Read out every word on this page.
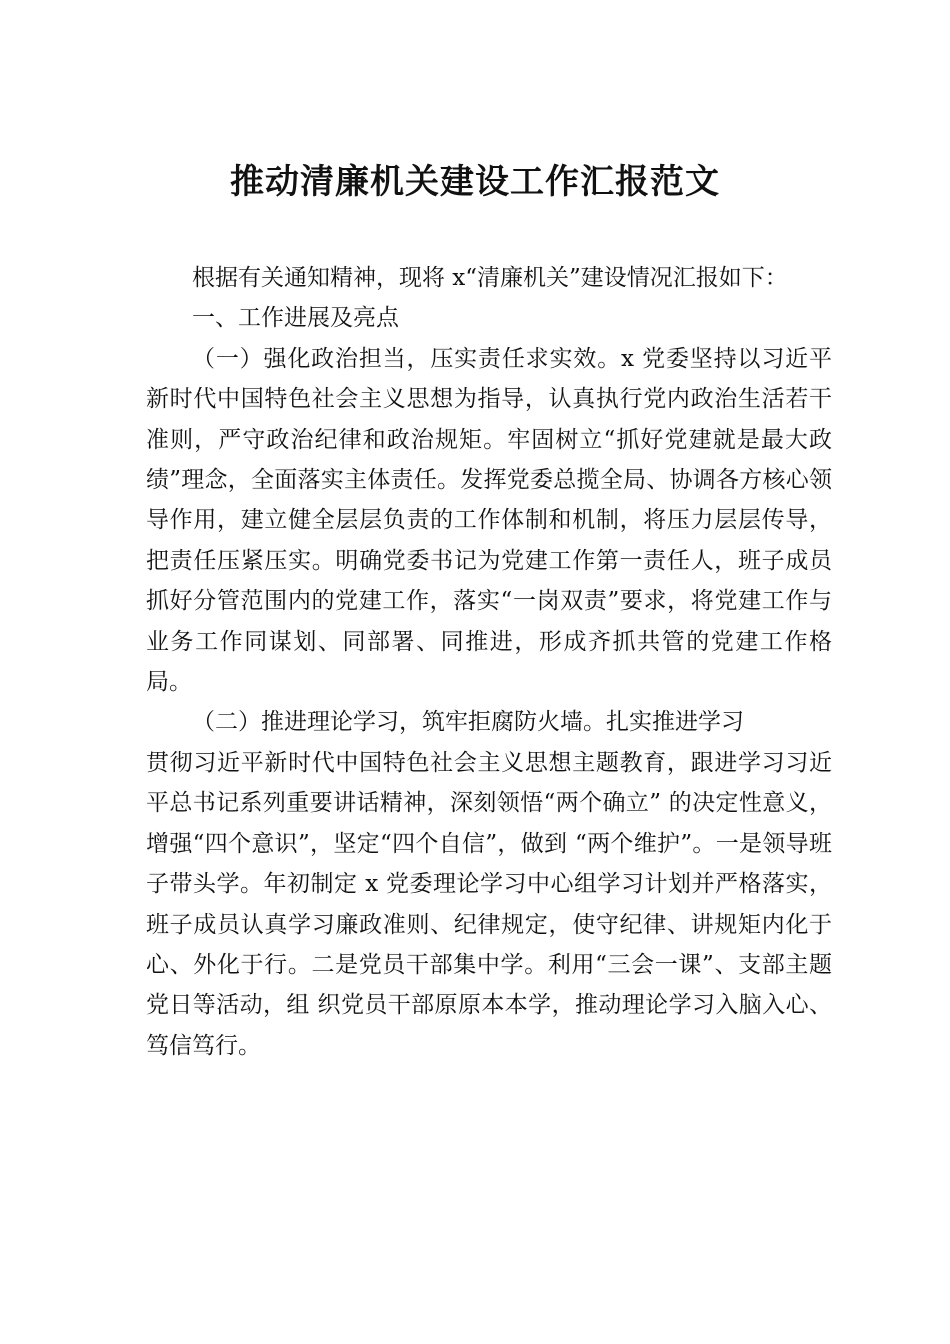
推动清廉机关建设工作汇报范文

根据有关通知精神，现将 x“清廉机关”建设情况汇报如下：

一、工作进展及亮点

（一）强化政治担当，压实责任求实效。x 党委坚持以习近平新时代中国特色社会主义思想为指导，认真执行党内政治生活若干准则，严守政治纪律和政治规矩。牢固树立“抓好党建就是最大政绩”理念，全面落实主体责任。发挥党委总揽全局、协调各方核心领导作用，建立健全层层负责的工作体制和机制，将压力层层传导，把责任压紧压实。明确党委书记为党建工作第一责任人，班子成员抓好分管范围内的党建工作，落实“一岗双责”要求，将党建工作与业务工作同谋划、同部署、同推进，形成齐抓共管的党建工作格局。

（二）推进理论学习，筑牢拒腐防火墙。扎实推进学习

贯彻习近平新时代中国特色社会主义思想主题教育，跟进学习习近平总书记系列重要讲话精神，深刻领悟“两个确立” 的决定性意义，增强“四个意识”，坚定“四个自信”，做到 “两个维护”。一是领导班子带头学。年初制定 x 党委理论学习中心组学习计划并严格落实，班子成员认真学习廉政准则、纪律规定，使守纪律、讲规矩内化于心、外化于行。二是党员干部集中学。利用“三会一课”、支部主题党日等活动，组 织党员干部原原本本学，推动理论学习入脑入心、笃信笃行。
